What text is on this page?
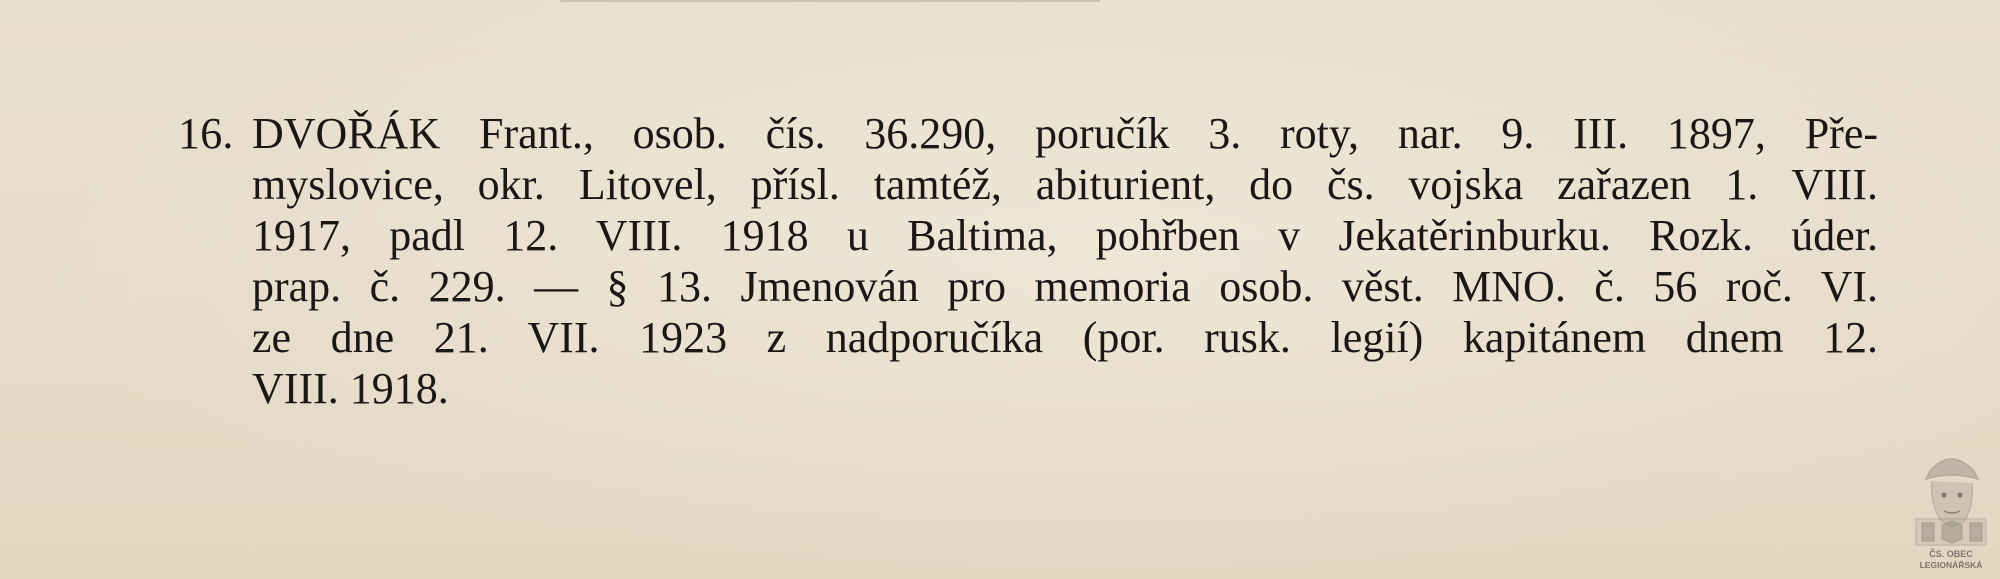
16. DVOŘÁK Frant., osob. čís. 36.290, poručík 3. roty, nar. 9. III. 1897, Pře-
myslovice, okr. Litovel, přísl. tamtéž, abiturient, do čs. vojska zařazen 1. VIII.
1917, padl 12. VIII. 1918 u Baltima, pohřben v Jekatěrinburku. Rozk. úder.
prap. č. 229. — § 13. Jmenován pro memoria osob. věst. MNO. č. 56 roč. VI.
ze dne 21. VII. 1923 z nadporučíka (por. rusk. legií) kapitánem dnem 12.
VIII. 1918.
ČS. OBEC
LEGIONÁŘSKÁ
